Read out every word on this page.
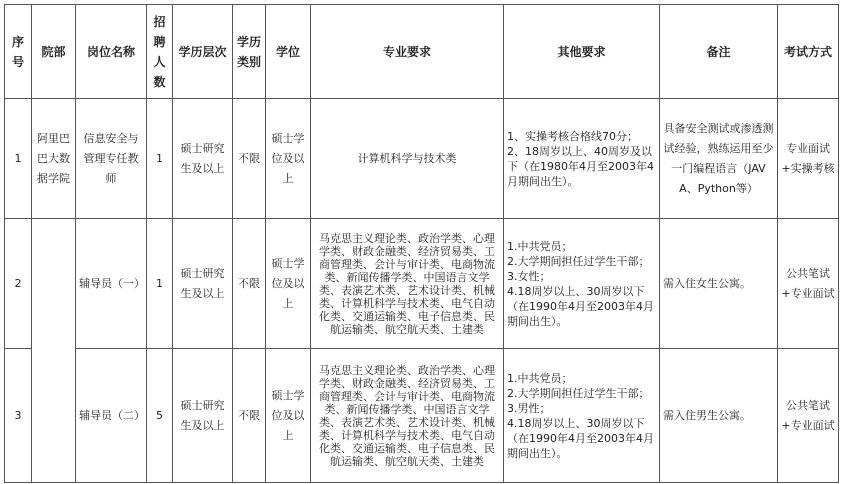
序号	院部	岗位名称	招聘人数	学历层次	学历类别	学位	专业要求	其他要求	备注	考试方式
1	阿里巴巴大数据学院	信息安全与管理专任教师	1	硕士研究生及以上	不限	硕士学位及以上	计算机科学与技术类	1、实操考核合格线70分；
2、18周岁以上、40周岁及以下（在1980年4月至2003年4月期间出生）。	具备安全测试或渗透测试经验，熟练运用至少一门编程语言（JAVA、Python等）	专业面试+实操考核
2		辅导员（一）	1	硕士研究生及以上	不限	硕士学位及以上	马克思主义理论类、政治学类、心理学类、财政金融类、经济贸易类、工商管理类、会计与审计类、电商物流类、新闻传播学类、中国语言文学类、表演艺术类、艺术设计类、机械类、计算机科学与技术类、电气自动化类、交通运输类、电子信息类、民航运输类、航空航天类、土建类	1.中共党员；
2.大学期间担任过学生干部；
3.女性；
4.18周岁以上、30周岁以下（在1990年4月至2003年4月期间出生）。	需入住女生公寓。	公共笔试+专业面试
3		辅导员（二）	5	硕士研究生及以上	不限	硕士学位及以上	马克思主义理论类、政治学类、心理学类、财政金融类、经济贸易类、工商管理类、会计与审计类、电商物流类、新闻传播学类、中国语言文学类、表演艺术类、艺术设计类、机械类、计算机科学与技术类、电气自动化类、交通运输类、电子信息类、民航运输类、航空航天类、土建类	1.中共党员；
2.大学期间担任过学生干部；
3.男性；
4.18周岁以上、30周岁以下（在1990年4月至2003年4月期间出生）。	需入住男生公寓。	公共笔试+专业面试
